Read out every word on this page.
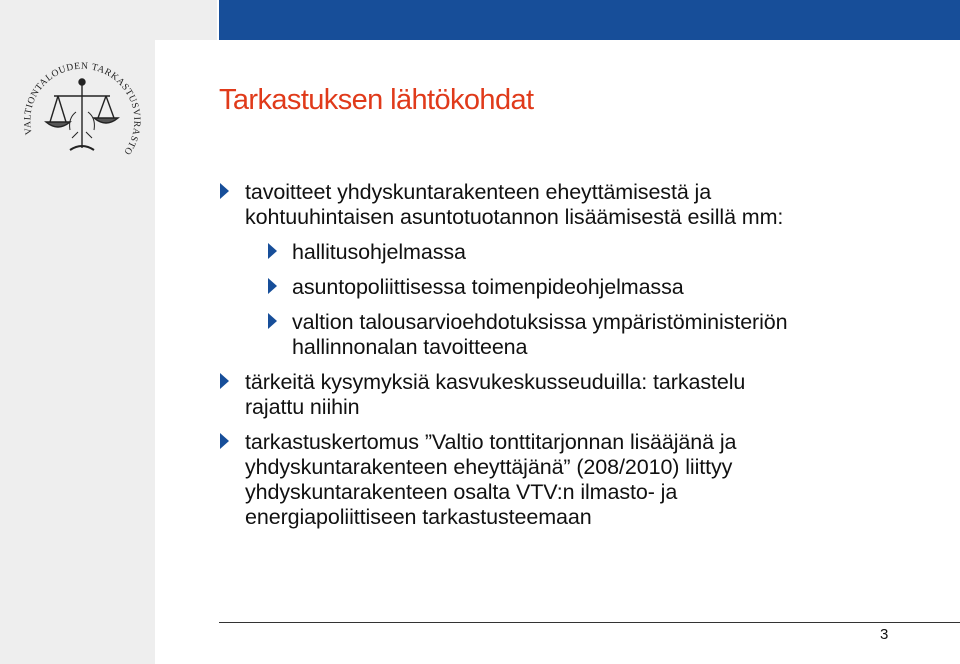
VALTIONTALOUDEN TARKASTUSVIRASTO
Tarkastuksen lähtökohdat
tavoitteet yhdyskuntarakenteen eheyttämisestä ja
kohtuuhintaisen asuntotuotannon lisäämisestä esillä mm:
hallitusohjelmassa
asuntopoliittisessa toimenpideohjelmassa
valtion talousarvioehdotuksissa ympäristöministeriön
hallinnonalan tavoitteena
tärkeitä kysymyksiä kasvukeskusseuduilla: tarkastelu
rajattu niihin
tarkastuskertomus ”Valtio tonttitarjonnan lisääjänä ja
yhdyskuntarakenteen eheyttäjänä” (208/2010) liittyy
yhdyskuntarakenteen osalta VTV:n ilmasto- ja
energiapoliittiseen tarkastusteemaan
3
